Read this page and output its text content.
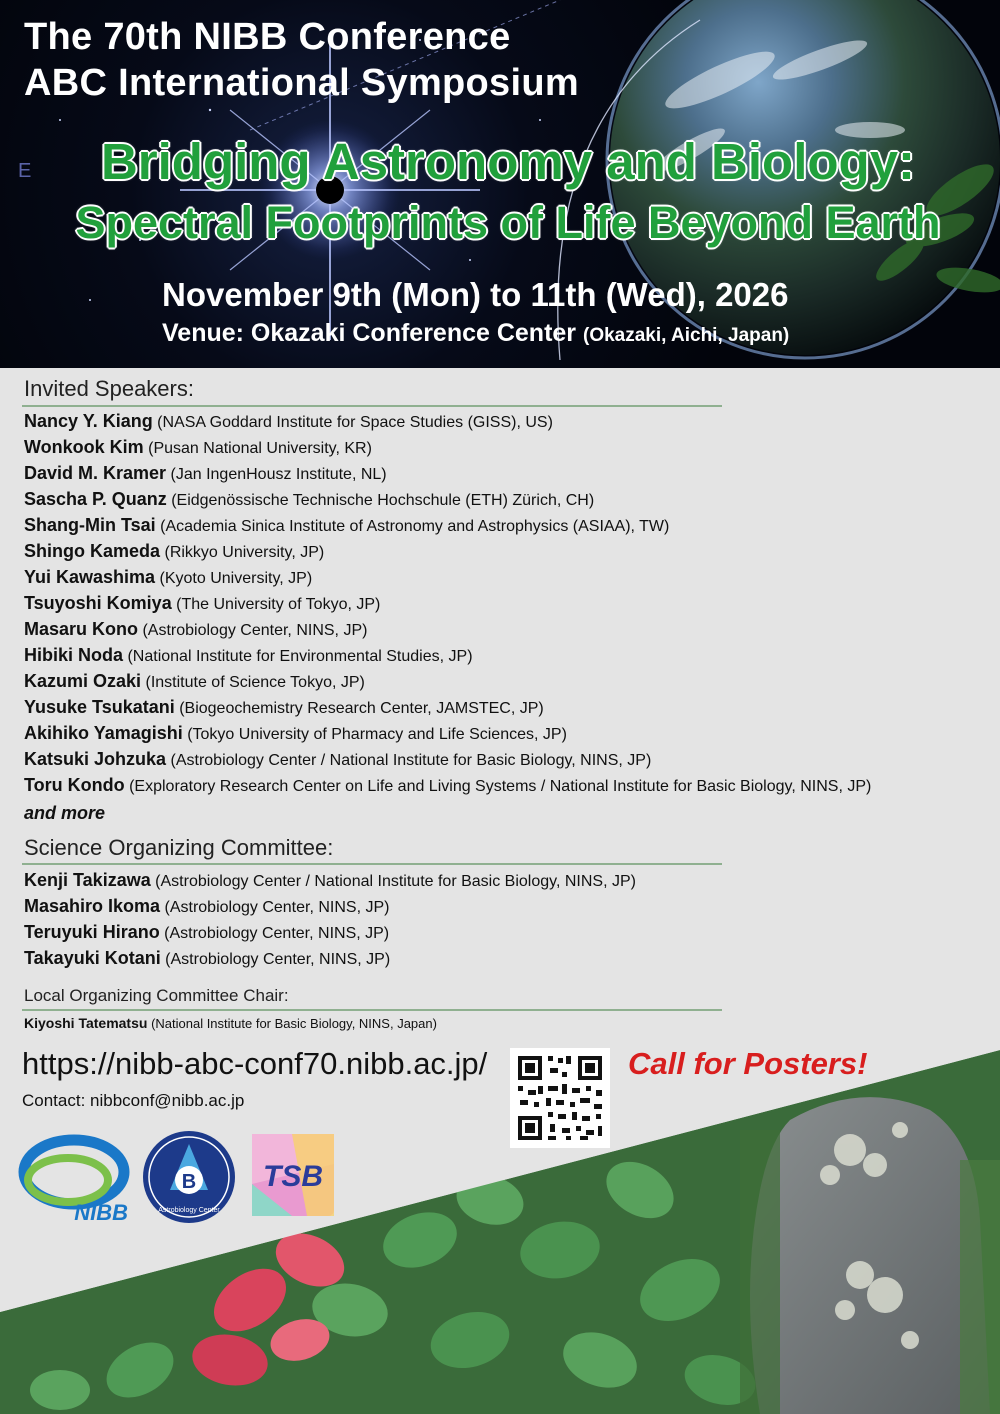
E
The 70th NIBB Conference
ABC International Symposium
Bridging Astronomy and Biology:
Spectral Footprints of Life Beyond Earth
November 9th (Mon) to 11th (Wed), 2026
Venue: Okazaki Conference Center (Okazaki, Aichi, Japan)
Invited Speakers:
Nancy Y. Kiang (NASA Goddard Institute for Space Studies (GISS), US)
Wonkook Kim (Pusan National University, KR)
David M. Kramer (Jan IngenHousz Institute, NL)
Sascha P. Quanz (Eidgenössische Technische Hochschule (ETH) Zürich, CH)
Shang-Min Tsai (Academia Sinica Institute of Astronomy and Astrophysics (ASIAA), TW)
Shingo Kameda (Rikkyo University, JP)
Yui Kawashima (Kyoto University, JP)
Tsuyoshi Komiya (The University of Tokyo, JP)
Masaru Kono (Astrobiology Center, NINS, JP)
Hibiki Noda (National Institute for Environmental Studies, JP)
Kazumi Ozaki (Institute of Science Tokyo, JP)
Yusuke Tsukatani (Biogeochemistry Research Center, JAMSTEC, JP)
Akihiko Yamagishi (Tokyo University of Pharmacy and Life Sciences, JP)
Katsuki Johzuka (Astrobiology Center / National Institute for Basic Biology, NINS, JP)
Toru Kondo (Exploratory Research Center on Life and Living Systems / National Institute for Basic Biology, NINS, JP)
and more
Science Organizing Committee:
Kenji Takizawa (Astrobiology Center / National Institute for Basic Biology, NINS, JP)
Masahiro Ikoma (Astrobiology Center, NINS, JP)
Teruyuki Hirano (Astrobiology Center, NINS, JP)
Takayuki Kotani (Astrobiology Center, NINS, JP)
Local Organizing Committee Chair:
Kiyoshi Tatematsu (National Institute for Basic Biology, NINS, Japan)
https://nibb-abc-conf70.nibb.ac.jp/
Contact: nibbconf@nibb.ac.jp
Call for Posters!
NIBB
B
Astrobiology Center
TSB
